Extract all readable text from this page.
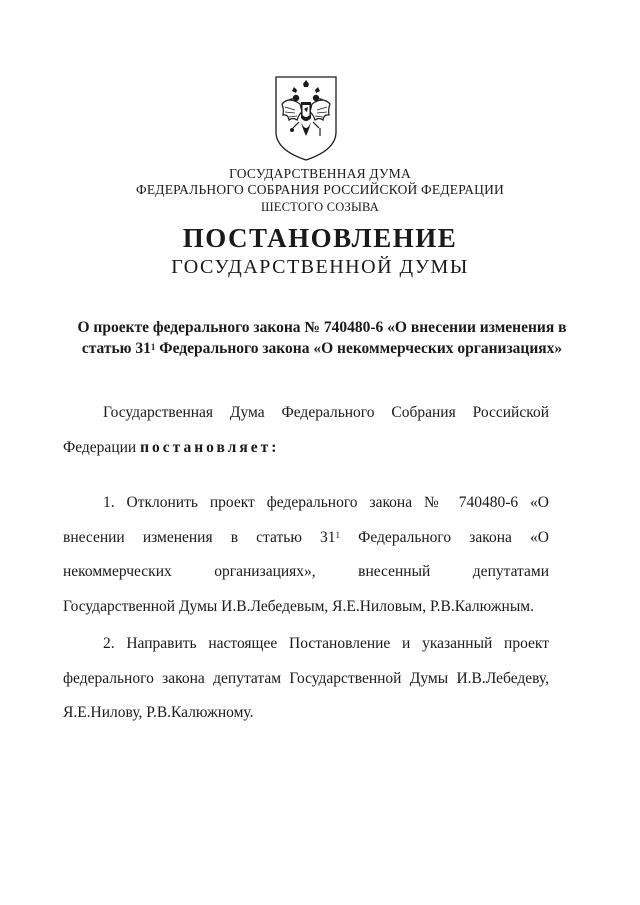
ГОСУДАРСТВЕННАЯ ДУМА
ФЕДЕРАЛЬНОГО СОБРАНИЯ РОССИЙСКОЙ ФЕДЕРАЦИИ
ШЕСТОГО СОЗЫВА
ПОСТАНОВЛЕНИЕ
ГОСУДАРСТВЕННОЙ ДУМЫ
О проекте федерального закона № 740480-6 «О внесении изменения в статью $31^1$ Федерального закона «О некоммерческих организациях»
Государственная Дума Федерального Собрания Российской Федерации постановляет:
1. Отклонить проект федерального закона № 740480-6 «О внесении изменения в статью $31^1$ Федерального закона «О некоммерческих организациях», внесенный депутатами Государственной Думы И.В.Лебедевым, Я.Е.Ниловым, Р.В.Калюжным.
2. Направить настоящее Постановление и указанный проект федерального закона депутатам Государственной Думы И.В.Лебедеву, Я.Е.Нилову, Р.В.Калюжному.
